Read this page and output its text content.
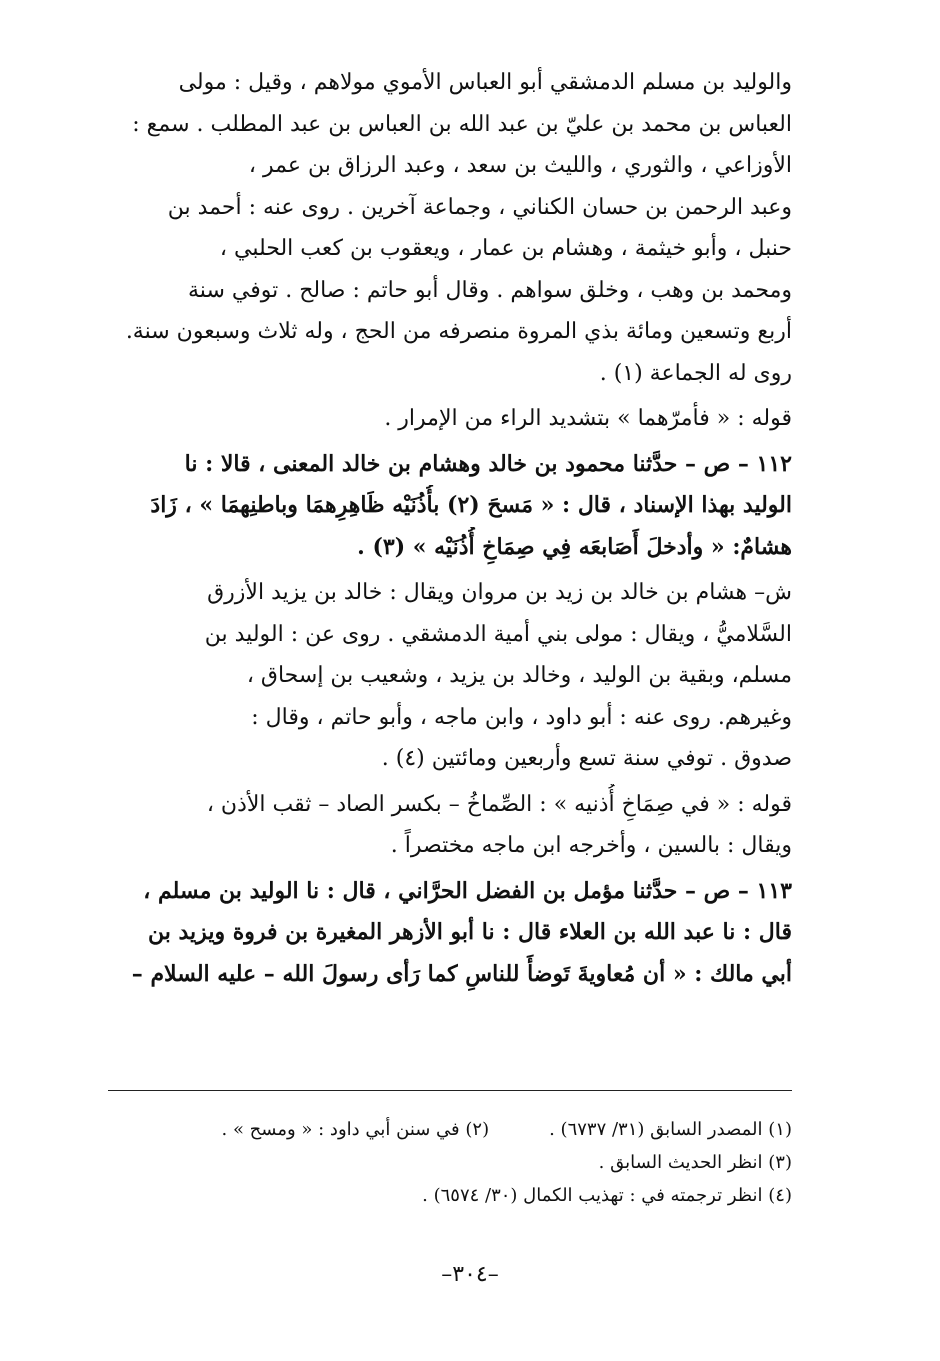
والوليد بن مسلم الدمشقي أبو العباس الأموي مولاهم ، وقيل : مولى
العباس بن محمد بن عليّ بن عبد الله بن العباس بن عبد المطلب . سمع :
الأوزاعي ، والثوري ، والليث بن سعد ، وعبد الرزاق بن عمر ،
وعبد الرحمن بن حسان الكناني ، وجماعة آخرين . روى عنه : أحمد بن
حنبل ، وأبو خيثمة ، وهشام بن عمار ، ويعقوب بن كعب الحلبي ،
ومحمد بن وهب ، وخلق سواهم . وقال أبو حاتم : صالح . توفي سنة
أربع وتسعين ومائة بذي المروة منصرفه من الحج ، وله ثلاث وسبعون سنة.
روى له الجماعة (١) .

قوله : « فأمرّهما » بتشديد الراء من الإمرار .

١١٢ – ص – حدَّثنا محمود بن خالد وهشام بن خالد المعنى ، قالا : نا
الوليد بهذا الإسناد ، قال : « مَسحَ (٢) بأُذُنَيْه ظَاهِرِهمَا وباطنِهمَا » ، زَادَ
هشامٌ: « وأدخلَ أَصَابعَه فِي صِمَاخِ أُذُنَيْه » (٣) .

ش– هشام بن خالد بن زيد بن مروان ويقال : خالد بن يزيد الأزرق
السَّلاميُّ ، ويقال : مولى بني أمية الدمشقي . روى عن : الوليد بن
مسلم، وبقية بن الوليد ، وخالد بن يزيد ، وشعيب بن إسحاق ،
وغيرهم. روى عنه : أبو داود ، وابن ماجه ، وأبو حاتم ، وقال :
صدوق . توفي سنة تسع وأربعين ومائتين (٤) .

قوله : « في صِمَاخِ أُذنيه » : الصِّماخُ – بكسر الصاد – ثقب الأذن ،
ويقال : بالسين ، وأخرجه ابن ماجه مختصراً .

١١٣ – ص – حدَّثنا مؤمل بن الفضل الحرَّاني ، قال : نا الوليد بن مسلم ،
قال : نا عبد الله بن العلاء قال : نا أبو الأزهر المغيرة بن فروة ويزيد بن
أبي مالك : « أن مُعاويةَ تَوضأَ للناسِ كما رَأى رسولَ الله – عليه السلام –

(١) المصدر السابق (٣١/ ٦٧٣٧) .
(٢) في سنن أبي داود : « ومسح » .
(٣) انظر الحديث السابق .
(٤) انظر ترجمته في : تهذيب الكمال (٣٠/ ٦٥٧٤) .
–٣٠٤–
